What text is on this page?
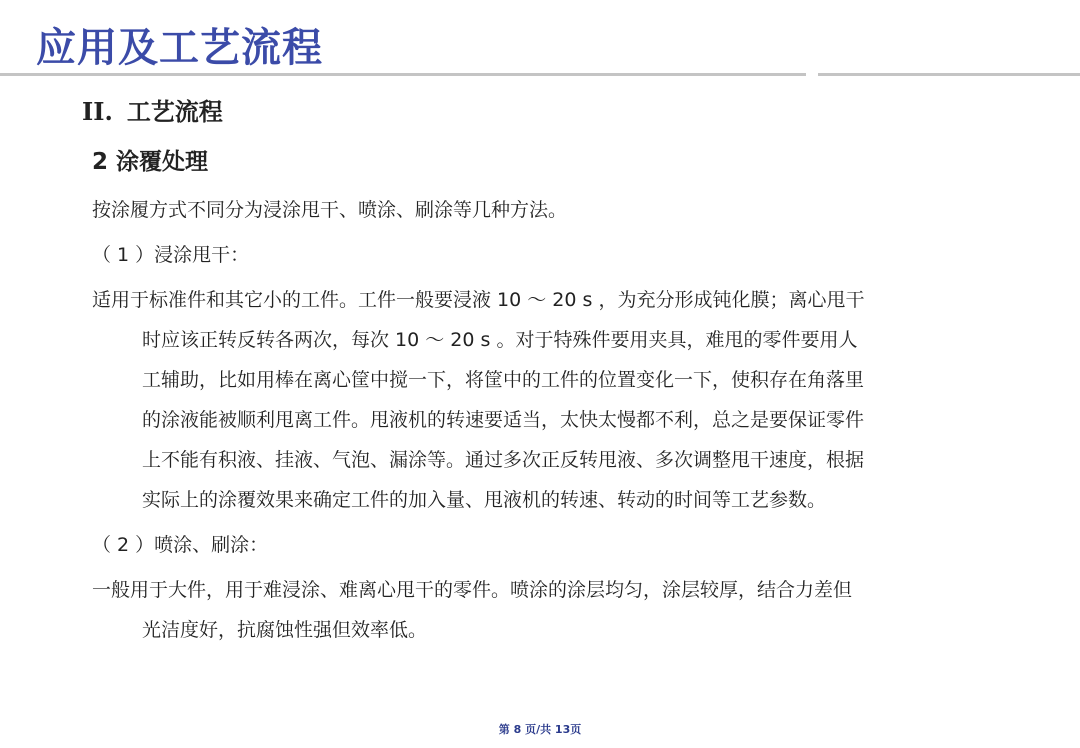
应用及工艺流程
II. 工艺流程
2 涂覆处理
按涂履方式不同分为浸涂甩干、喷涂、刷涂等几种方法。
（ 1 ）浸涂甩干：
适用于标准件和其它小的工件。工件一般要浸液 10 ～ 20 s ，为充分形成钝化膜；离心甩干
时应该正转反转各两次，每次 10 ～ 20 s 。对于特殊件要用夹具，难甩的零件要用人
工辅助，比如用棒在离心筐中搅一下，将筐中的工件的位置变化一下，使积存在角落里
的涂液能被顺利甩离工件。甩液机的转速要适当，太快太慢都不利，总之是要保证零件
上不能有积液、挂液、气泡、漏涂等。通过多次正反转甩液、多次调整甩干速度，根据
实际上的涂覆效果来确定工件的加入量、甩液机的转速、转动的时间等工艺参数。
（ 2 ）喷涂、刷涂：
一般用于大件，用于难浸涂、难离心甩干的零件。喷涂的涂层均匀，涂层较厚，结合力差但
光洁度好，抗腐蚀性强但效率低。
第 8 页/共 13页
